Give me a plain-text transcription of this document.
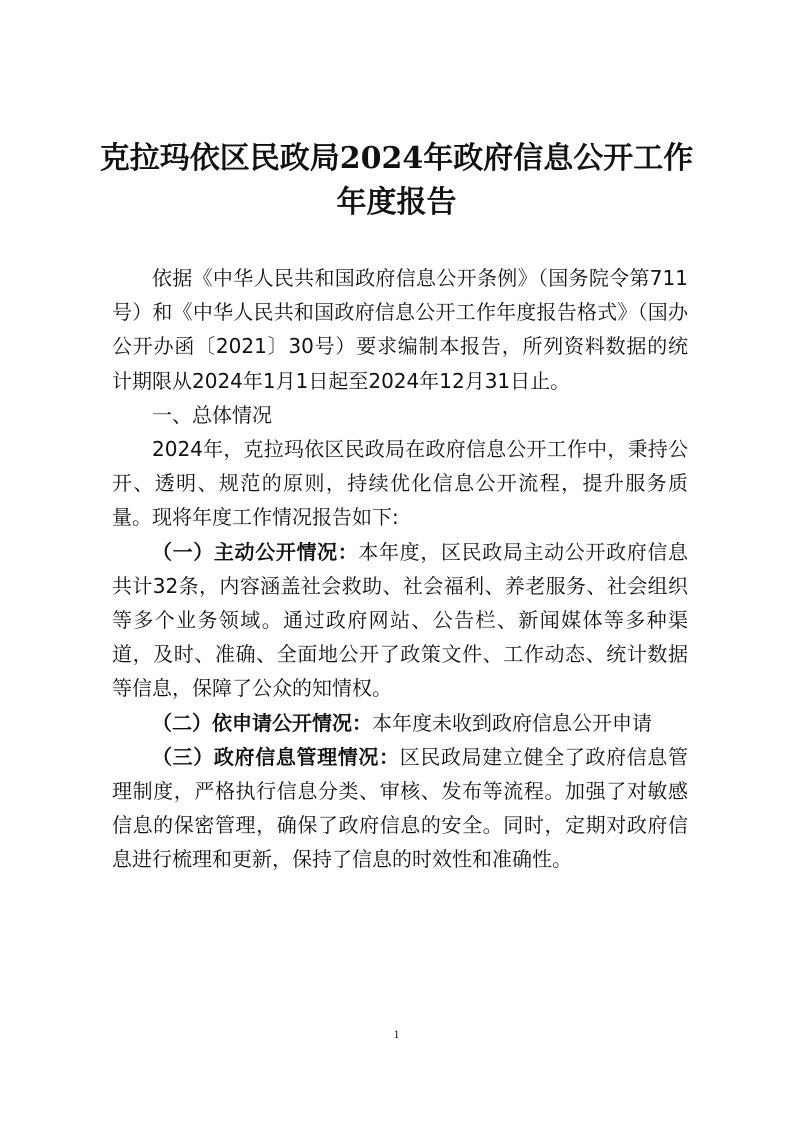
克拉玛依区民政局2024年政府信息公开工作
年度报告

依据《中华人民共和国政府信息公开条例》（国务院令第711号）和《中华人民共和国政府信息公开工作年度报告格式》（国办公开办函〔2021〕30号）要求编制本报告，所列资料数据的统计期限从2024年1月1日起至2024年12月31日止。

一、总体情况

2024年，克拉玛依区民政局在政府信息公开工作中，秉持公开、透明、规范的原则，持续优化信息公开流程，提升服务质量。现将年度工作情况报告如下:

（一）主动公开情况：本年度，区民政局主动公开政府信息共计32条，内容涵盖社会救助、社会福利、养老服务、社会组织等多个业务领域。通过政府网站、公告栏、新闻媒体等多种渠道，及时、准确、全面地公开了政策文件、工作动态、统计数据等信息，保障了公众的知情权。

（二）依申请公开情况：本年度未收到政府信息公开申请

（三）政府信息管理情况：区民政局建立健全了政府信息管理制度，严格执行信息分类、审核、发布等流程。加强了对敏感信息的保密管理，确保了政府信息的安全。同时，定期对政府信息进行梳理和更新，保持了信息的时效性和准确性。

1
